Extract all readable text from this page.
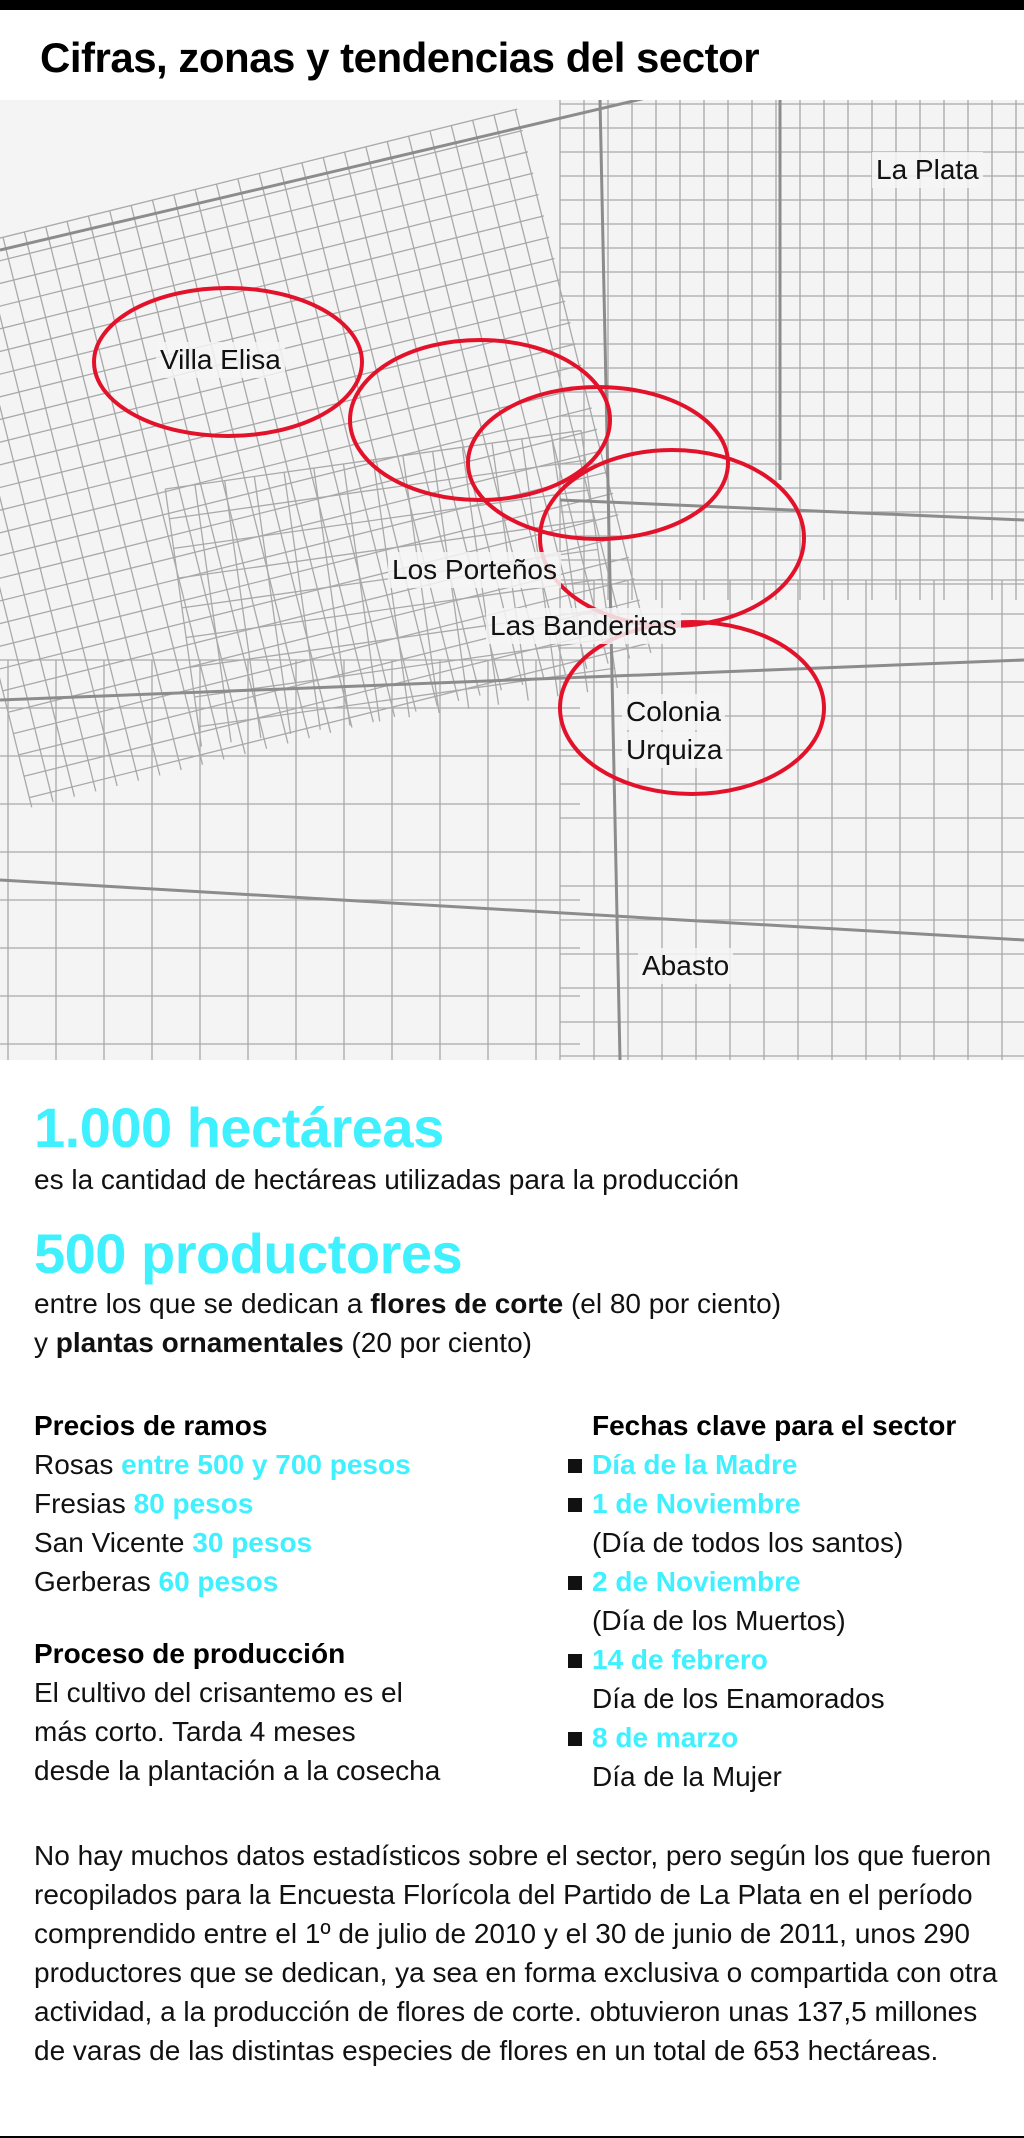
Cifras, zonas y tendencias del sector
La Plata
Villa Elisa
Los Porteños
Las Banderitas
Colonia
Urquiza
Abasto
1.000 hectáreas
es la cantidad de hectáreas utilizadas para la producción
500 productores
entre los que se dedican a flores de corte (el 80 por ciento)
y plantas ornamentales (20 por ciento)
Precios de ramos
Rosas entre 500 y 700 pesos
Fresias 80 pesos
San Vicente 30 pesos
Gerberas 60 pesos
Proceso de producción
El cultivo del crisantemo es el
más corto. Tarda 4 meses
desde la plantación a la cosecha
Fechas clave para el sector
Día de la Madre
1 de Noviembre
(Día de todos los santos)
2 de Noviembre
(Día de los Muertos)
14 de febrero
Día de los Enamorados
8 de marzo
Día de la Mujer

No hay muchos datos estadísticos sobre el sector, pero según los que fueron recopilados para la Encuesta Florícola del Partido de La Plata en el período comprendido entre el 1º de julio de 2010 y el 30 de junio de 2011, unos 290 productores que se dedican, ya sea en forma exclusiva o compartida con otra actividad, a la producción de flores de corte. obtuvieron unas 137,5 millones de varas de las distintas especies de flores en un total de 653 hectáreas.
